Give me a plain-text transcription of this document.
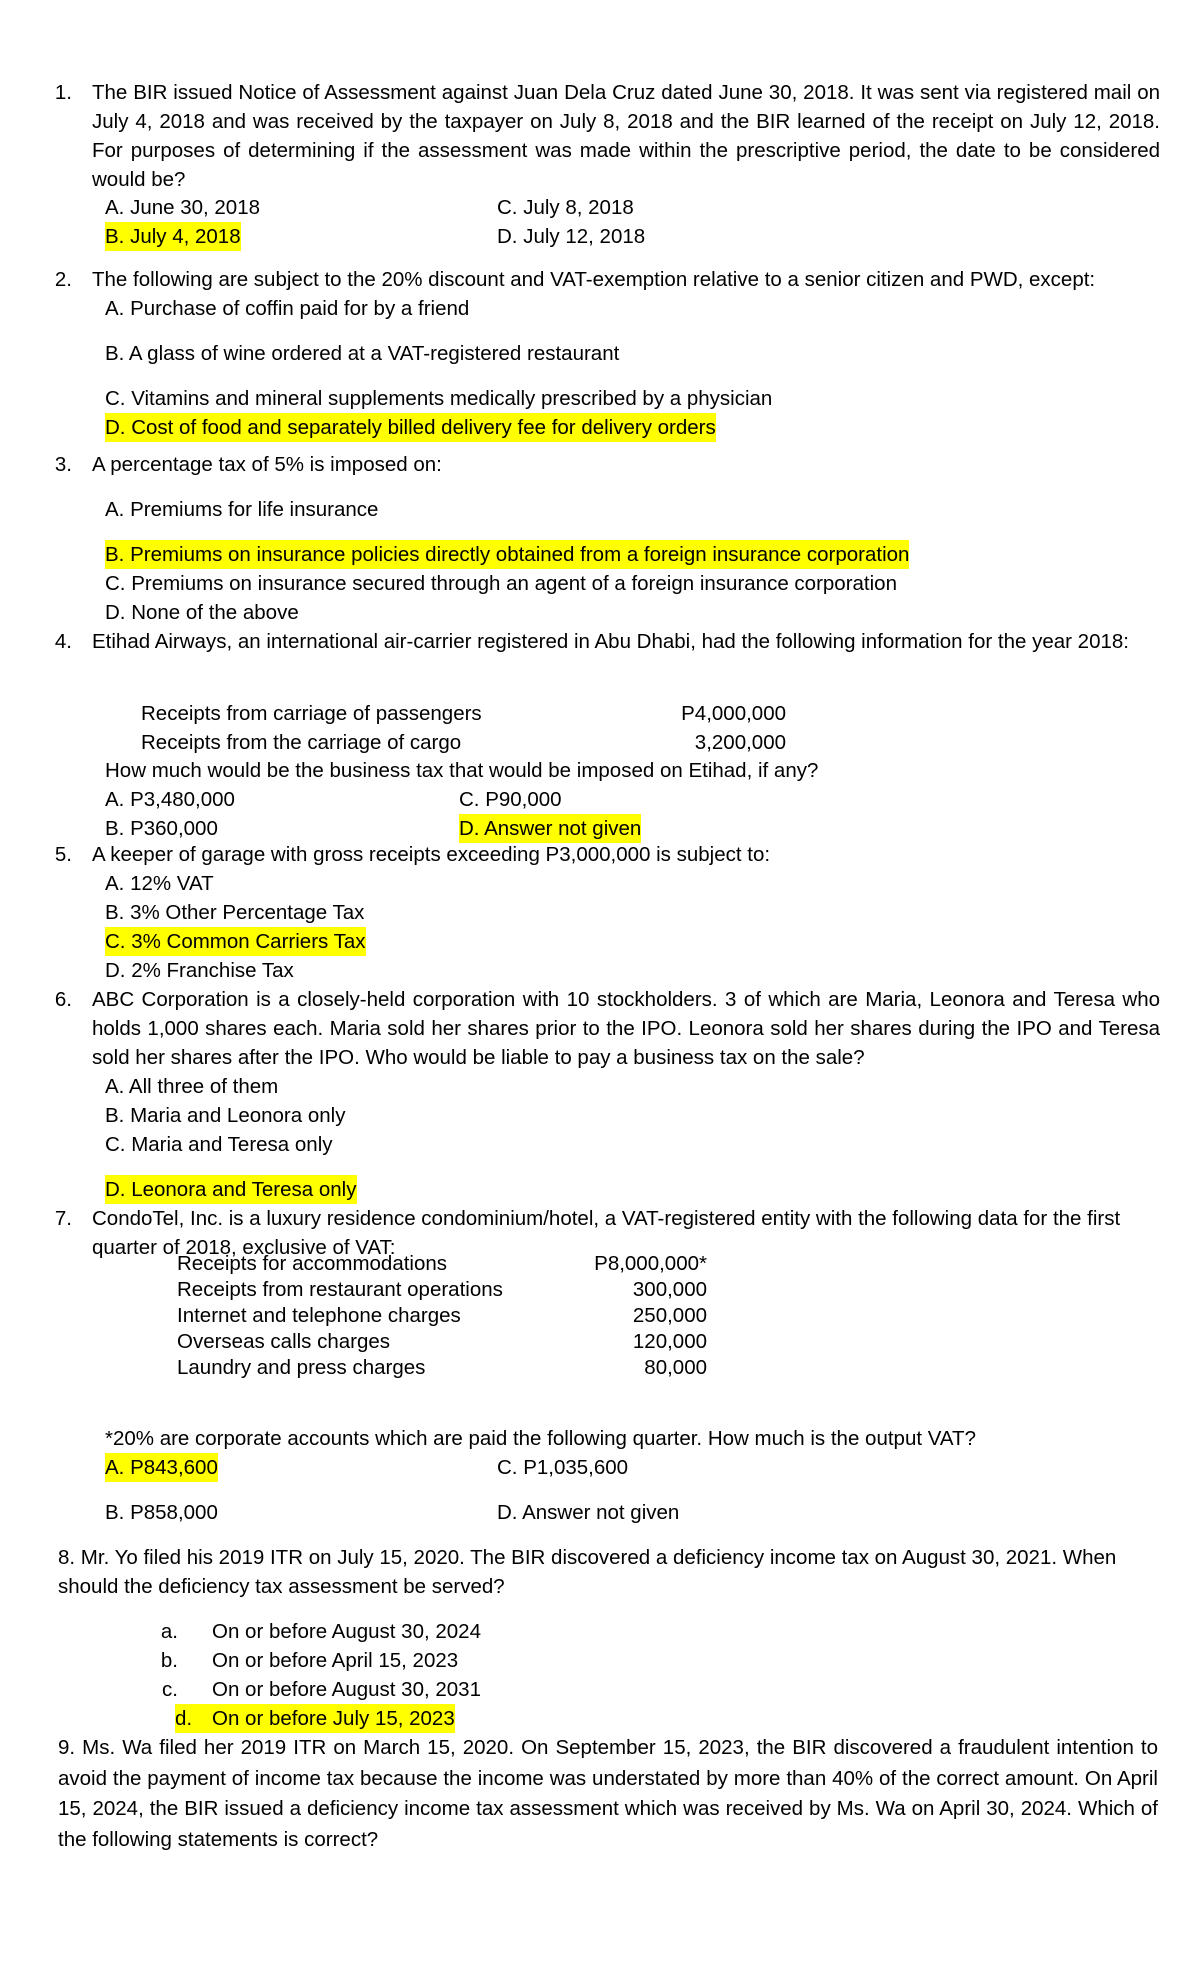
1. The BIR issued Notice of Assessment against Juan Dela Cruz dated June 30, 2018. It was sent via registered mail on July 4, 2018 and was received by the taxpayer on July 8, 2018 and the BIR learned of the receipt on July 12, 2018. For purposes of determining if the assessment was made within the prescriptive period, the date to be considered would be?
A. June 30, 2018	C. July 8, 2018
B. July 4, 2018	D. July 12, 2018
2. The following are subject to the 20% discount and VAT-exemption relative to a senior citizen and PWD, except:
A. Purchase of coffin paid for by a friend
B. A glass of wine ordered at a VAT-registered restaurant
C. Vitamins and mineral supplements medically prescribed by a physician
D. Cost of food and separately billed delivery fee for delivery orders
3. A percentage tax of 5% is imposed on:
A. Premiums for life insurance
B. Premiums on insurance policies directly obtained from a foreign insurance corporation
C. Premiums on insurance secured through an agent of a foreign insurance corporation
D. None of the above
4. Etihad Airways, an international air-carrier registered in Abu Dhabi, had the following information for the year 2018:
Receipts from carriage of passengers	P4,000,000
Receipts from the carriage of cargo	3,200,000
How much would be the business tax that would be imposed on Etihad, if any?
A. P3,480,000	C. P90,000
B. P360,000	D. Answer not given
5. A keeper of garage with gross receipts exceeding P3,000,000 is subject to:
A. 12% VAT
B. 3% Other Percentage Tax
C. 3% Common Carriers Tax
D. 2% Franchise Tax
6. ABC Corporation is a closely-held corporation with 10 stockholders. 3 of which are Maria, Leonora and Teresa who holds 1,000 shares each. Maria sold her shares prior to the IPO. Leonora sold her shares during the IPO and Teresa sold her shares after the IPO. Who would be liable to pay a business tax on the sale?
A. All three of them
B. Maria and Leonora only
C. Maria and Teresa only
D. Leonora and Teresa only
7. CondoTel, Inc. is a luxury residence condominium/hotel, a VAT-registered entity with the following data for the first quarter of 2018, exclusive of VAT:
Receipts for accommodations	P8,000,000*
Receipts from restaurant operations	300,000
Internet and telephone charges	250,000
Overseas calls charges	120,000
Laundry and press charges	80,000
*20% are corporate accounts which are paid the following quarter. How much is the output VAT?
A. P843,600	C. P1,035,600
B. P858,000	D. Answer not given
8. Mr. Yo filed his 2019 ITR on July 15, 2020. The BIR discovered a deficiency income tax on August 30, 2021. When should the deficiency tax assessment be served?
a. On or before August 30, 2024
b. On or before April 15, 2023
c. On or before August 30, 2031
d. On or before July 15, 2023
9. Ms. Wa filed her 2019 ITR on March 15, 2020. On September 15, 2023, the BIR discovered a fraudulent intention to avoid the payment of income tax because the income was understated by more than 40% of the correct amount. On April 15, 2024, the BIR issued a deficiency income tax assessment which was received by Ms. Wa on April 30, 2024. Which of the following statements is correct?
